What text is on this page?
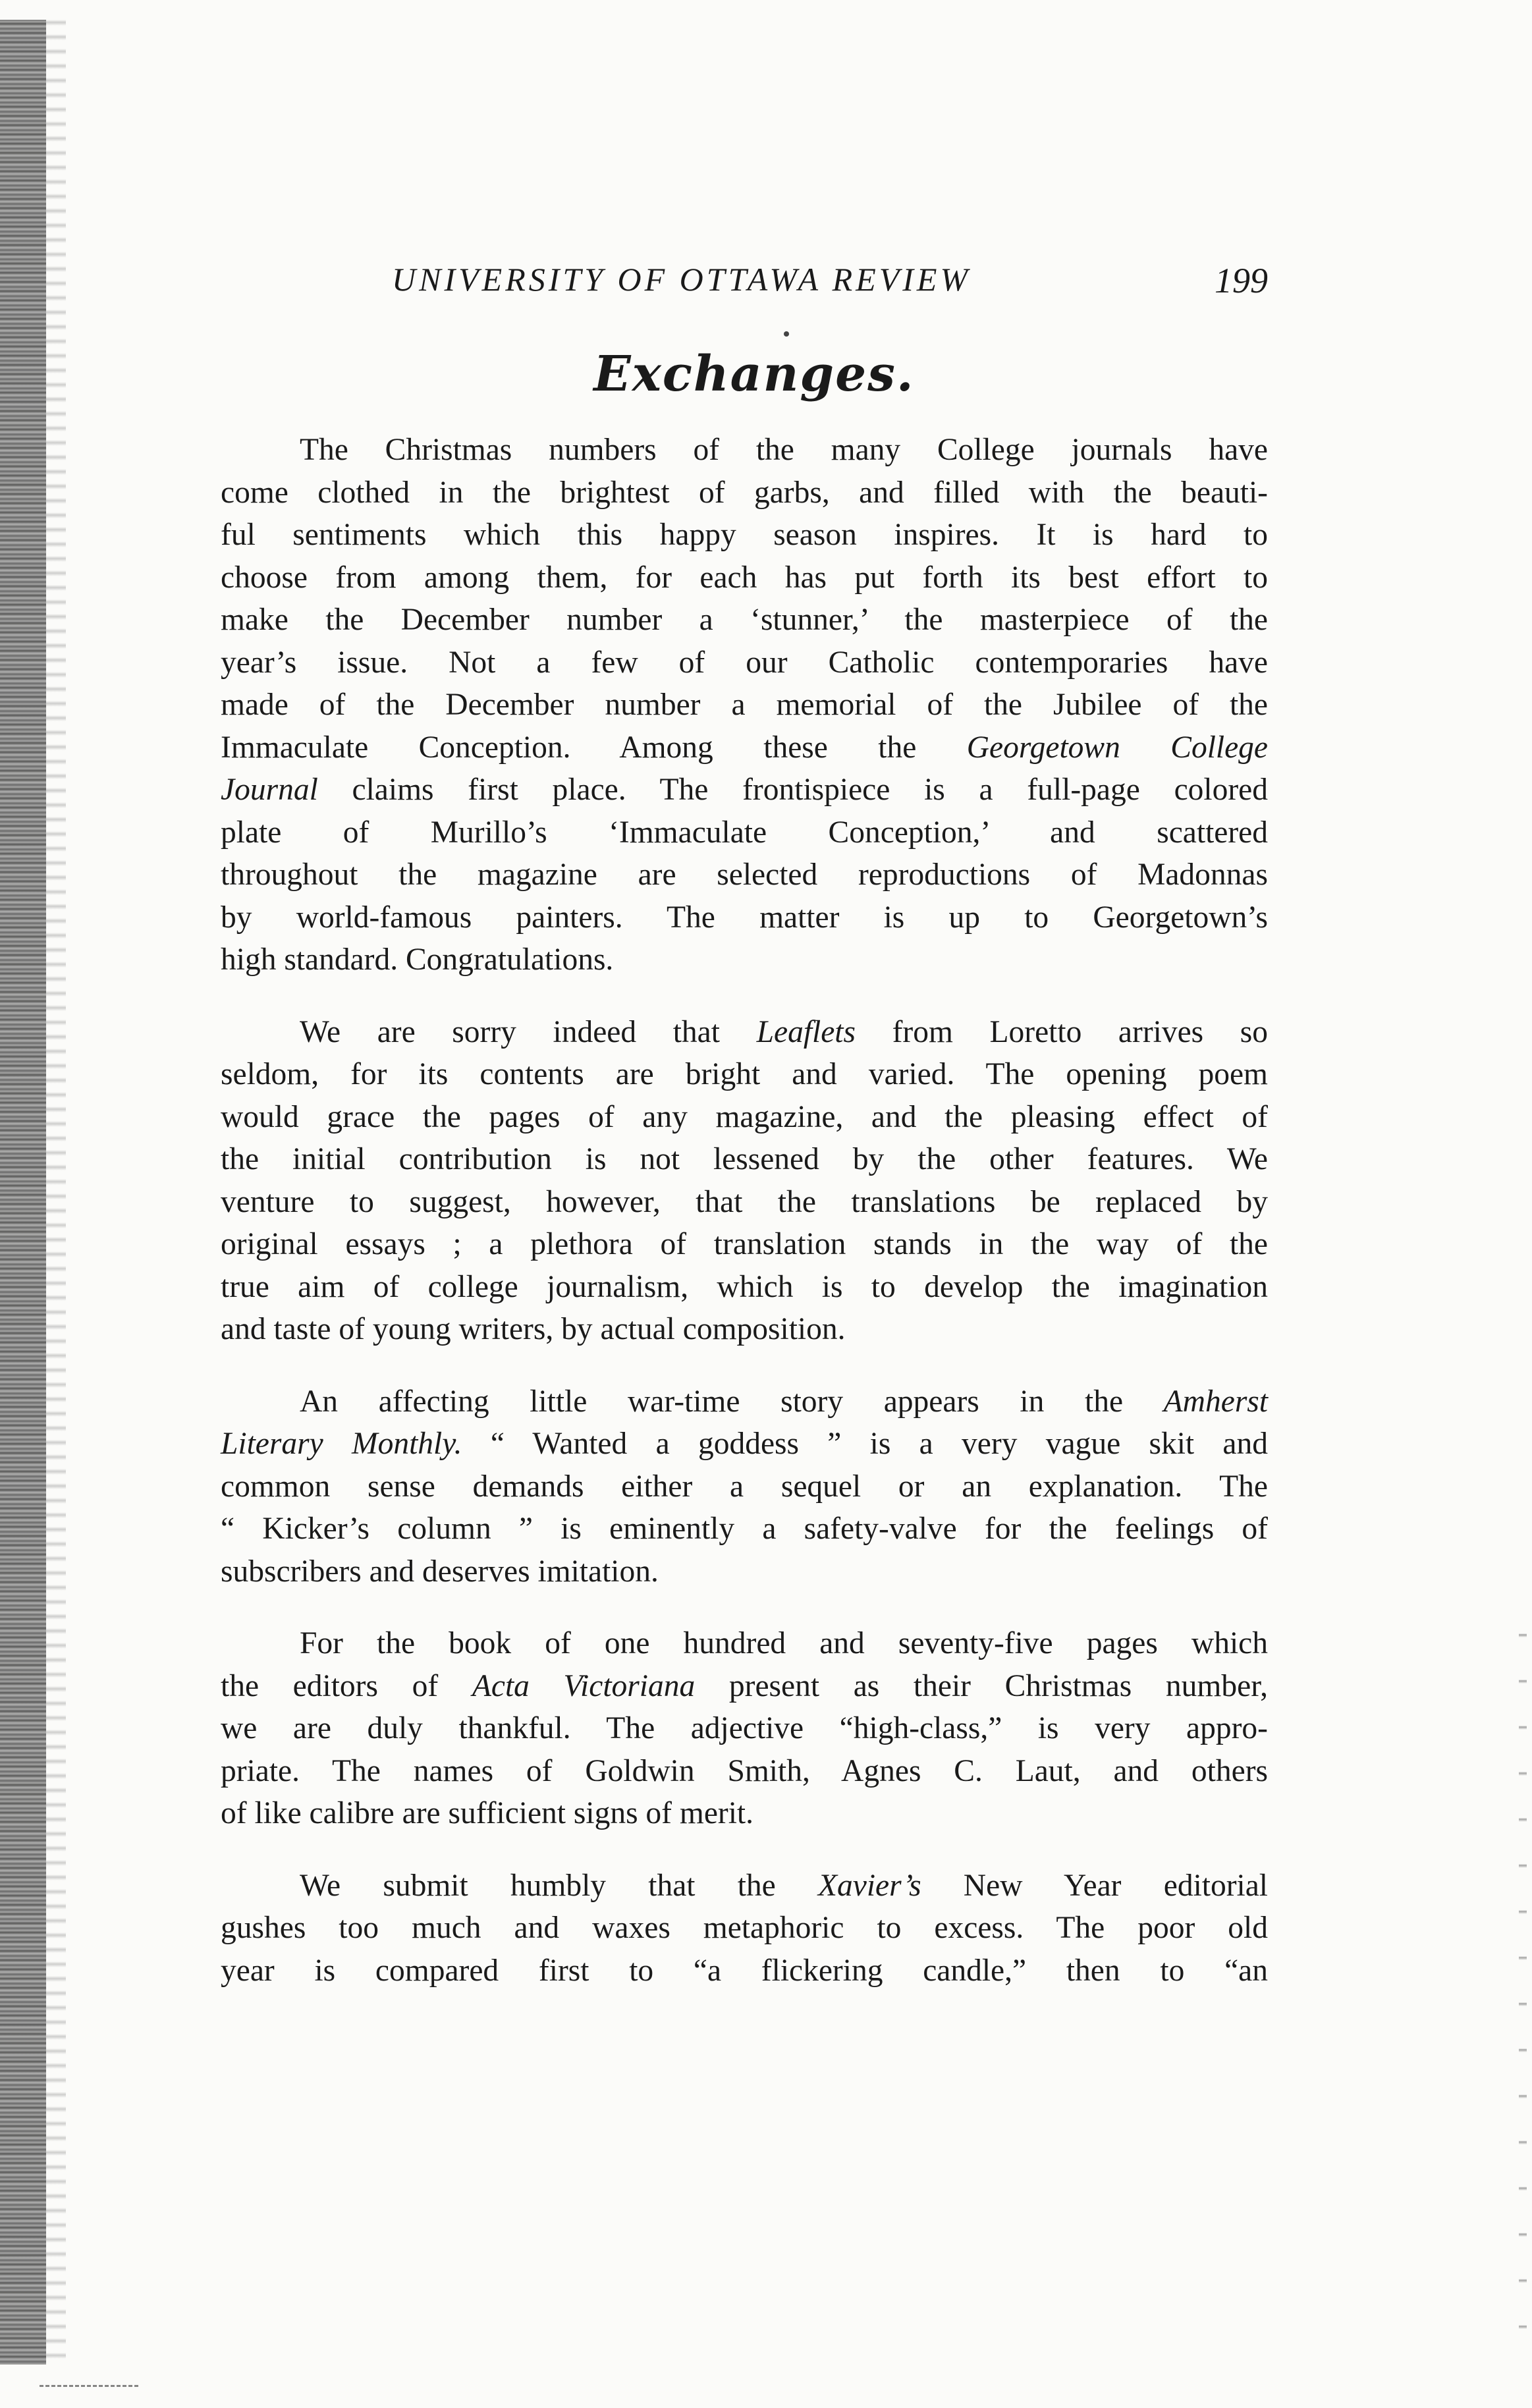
UNIVERSITY OF OTTAWA REVIEW	199
Exchanges.

The Christmas numbers of the many College journals have
come clothed in the brightest of garbs, and filled with the beauti-
ful sentiments which this happy season inspires. It is hard to
choose from among them, for each has put forth its best effort to
make the December number a ‘stunner,’ the masterpiece of the
year’s issue. Not a few of our Catholic contemporaries have
made of the December number a memorial of the Jubilee of the
Immaculate Conception. Among these the Georgetown College
Journal claims first place. The frontispiece is a full-page colored
plate of Murillo’s ‘Immaculate Conception,’ and scattered
throughout the magazine are selected reproductions of Madonnas
by world-famous painters. The matter is up to Georgetown’s
high standard. Congratulations.

We are sorry indeed that Leaflets from Loretto arrives so
seldom, for its contents are bright and varied. The opening poem
would grace the pages of any magazine, and the pleasing effect of
the initial contribution is not lessened by the other features. We
venture to suggest, however, that the translations be replaced by
original essays ; a plethora of translation stands in the way of the
true aim of college journalism, which is to develop the imagination
and taste of young writers, by actual composition.

An affecting little war-time story appears in the Amherst
Literary Monthly. “ Wanted a goddess ” is a very vague skit and
common sense demands either a sequel or an explanation. The
“ Kicker’s column ” is eminently a safety-valve for the feelings of
subscribers and deserves imitation.

For the book of one hundred and seventy-five pages which
the editors of Acta Victoriana present as their Christmas number,
we are duly thankful. The adjective “high-class,” is very appro-
priate. The names of Goldwin Smith, Agnes C. Laut, and others
of like calibre are sufficient signs of merit.

We submit humbly that the Xavier’s New Year editorial
gushes too much and waxes metaphoric to excess. The poor old
year is compared first to “a flickering candle,” then to “an
